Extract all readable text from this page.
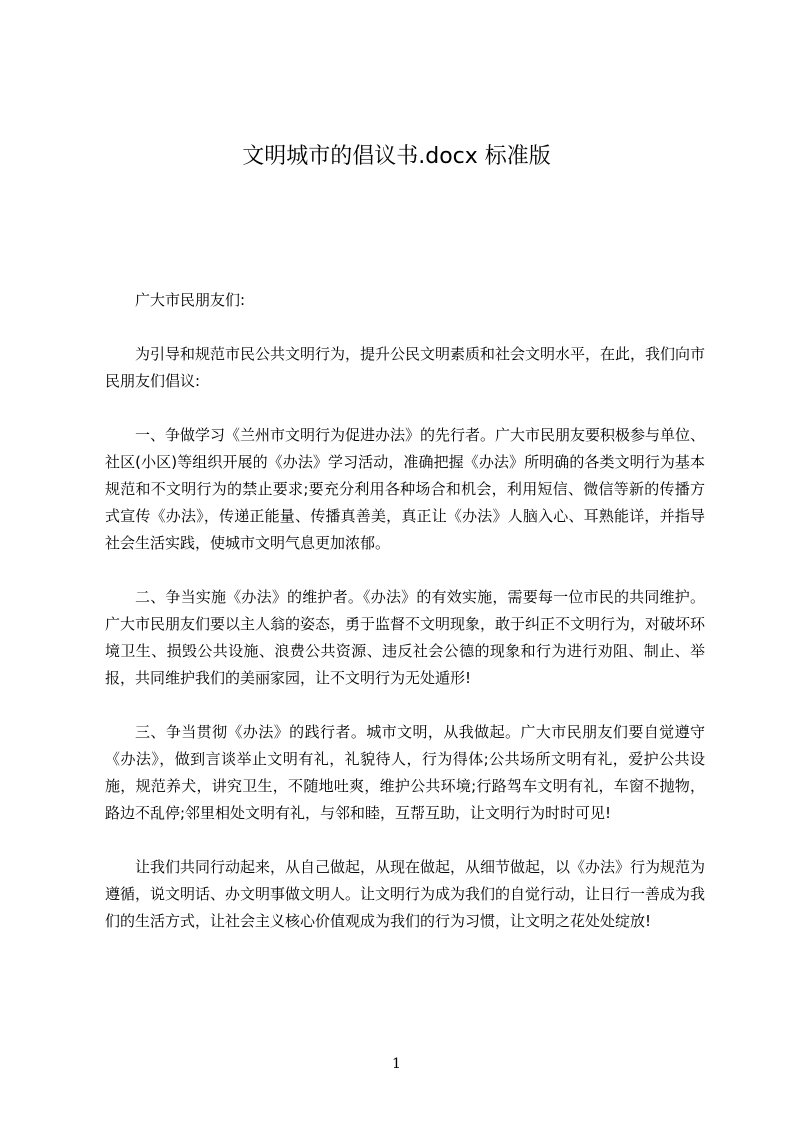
文明城市的倡议书.docx 标准版

广大市民朋友们:

为引导和规范市民公共文明行为，提升公民文明素质和社会文明水平，在此，我们向市民朋友们倡议:

一、争做学习《兰州市文明行为促进办法》的先行者。广大市民朋友要积极参与单位、社区(小区)等组织开展的《办法》学习活动，准确把握《办法》所明确的各类文明行为基本规范和不文明行为的禁止要求;要充分利用各种场合和机会，利用短信、微信等新的传播方式宣传《办法》，传递正能量、传播真善美，真正让《办法》人脑入心、耳熟能详，并指导社会生活实践，使城市文明气息更加浓郁。

二、争当实施《办法》的维护者。《办法》的有效实施，需要每一位市民的共同维护。广大市民朋友们要以主人翁的姿态，勇于监督不文明现象，敢于纠正不文明行为，对破坏环境卫生、损毁公共设施、浪费公共资源、违反社会公德的现象和行为进行劝阻、制止、举报，共同维护我们的美丽家园，让不文明行为无处遁形!

三、争当贯彻《办法》的践行者。城市文明，从我做起。广大市民朋友们要自觉遵守《办法》，做到言谈举止文明有礼，礼貌待人，行为得体;公共场所文明有礼，爱护公共设施，规范养犬，讲究卫生，不随地吐爽，维护公共环境;行路驾车文明有礼，车窗不抛物，路边不乱停;邻里相处文明有礼，与邻和睦，互帮互助，让文明行为时时可见!

让我们共同行动起来，从自己做起，从现在做起，从细节做起，以《办法》行为规范为遵循，说文明话、办文明事做文明人。让文明行为成为我们的自觉行动，让日行一善成为我们的生活方式，让社会主义核心价值观成为我们的行为习惯，让文明之花处处绽放!

1
